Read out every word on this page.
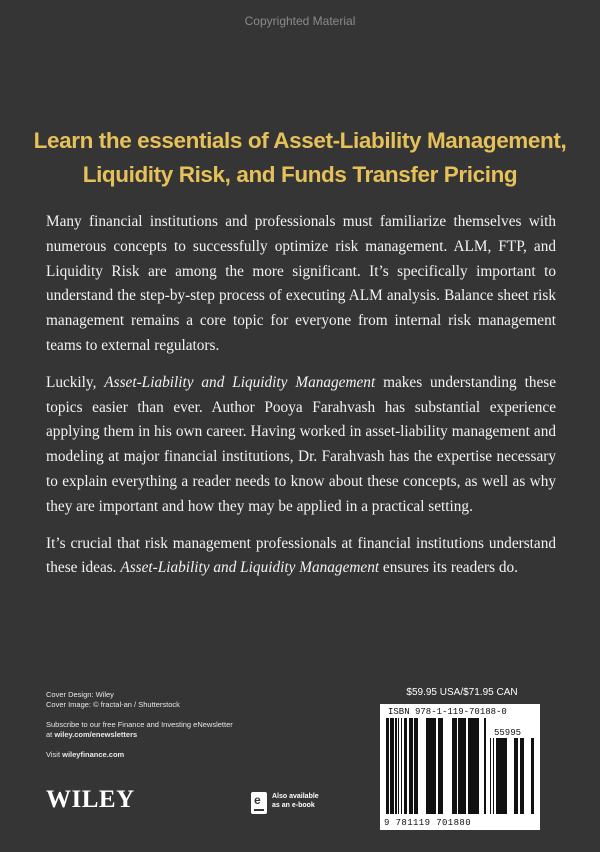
Copyrighted Material
Learn the essentials of Asset-Liability Management,
Liquidity Risk, and Funds Transfer Pricing

Many financial institutions and professionals must familiarize themselves with numerous concepts to successfully optimize risk management. ALM, FTP, and Liquidity Risk are among the more significant. It’s specifically important to understand the step-by-step process of executing ALM analysis. Balance sheet risk management remains a core topic for everyone from internal risk management teams to external regulators.

Luckily, Asset-Liability and Liquidity Management makes understanding these topics easier than ever. Author Pooya Farahvash has substantial experience applying them in his own career. Having worked in asset-liability management and modeling at major financial institutions, Dr. Farahvash has the expertise necessary to explain everything a reader needs to know about these concepts, as well as why they are important and how they may be applied in a practical setting.

It’s crucial that risk management professionals at financial institutions understand these ideas. Asset-Liability and Liquidity Management ensures its readers do.

Cover Design: Wiley
Cover Image: © fractal-an / Shutterstock
Subscribe to our free Finance and Investing eNewsletter
at wiley.com/enewsletters
Visit wileyfinance.com
WILEY	e Also available
as an e-book
$59.95 USA/$71.95 CAN
ISBN 978-1-119-70188-0
55995
9 781119 701880
